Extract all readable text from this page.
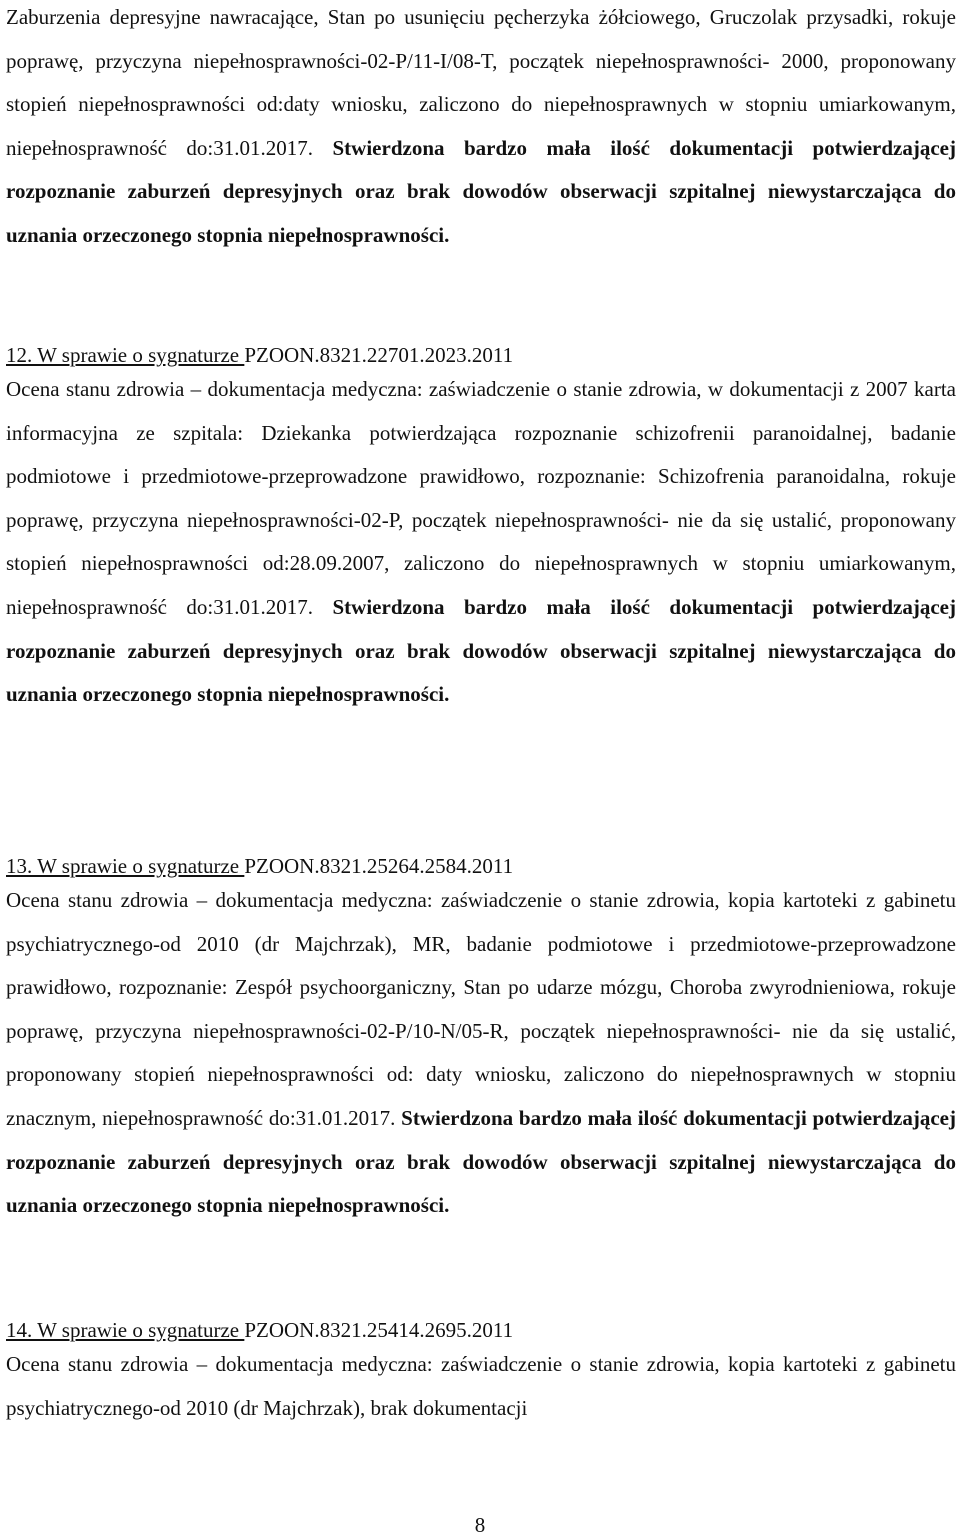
Zaburzenia depresyjne nawracające, Stan po usunięciu pęcherzyka żółciowego, Gruczolak przysadki, rokuje poprawę, przyczyna niepełnosprawności-02-P/11-I/08-T, początek niepełnosprawności- 2000, proponowany stopień niepełnosprawności od:daty wniosku, zaliczono do niepełnosprawnych w stopniu umiarkowanym, niepełnosprawność do:31.01.2017. Stwierdzona bardzo mała ilość dokumentacji potwierdzającej rozpoznanie zaburzeń depresyjnych oraz brak dowodów obserwacji szpitalnej niewystarczająca do uznania orzeczonego stopnia niepełnosprawności.

12. W sprawie o sygnaturze PZOON.8321.22701.2023.2011

Ocena stanu zdrowia – dokumentacja medyczna: zaświadczenie o stanie zdrowia, w dokumentacji z 2007 karta informacyjna ze szpitala: Dziekanka potwierdzająca rozpoznanie schizofrenii paranoidalnej, badanie podmiotowe i przedmiotowe-przeprowadzone prawidłowo, rozpoznanie: Schizofrenia paranoidalna, rokuje poprawę, przyczyna niepełnosprawności-02-P, początek niepełnosprawności- nie da się ustalić, proponowany stopień niepełnosprawności od:28.09.2007, zaliczono do niepełnosprawnych w stopniu umiarkowanym, niepełnosprawność do:31.01.2017. Stwierdzona bardzo mała ilość dokumentacji potwierdzającej rozpoznanie zaburzeń depresyjnych oraz brak dowodów obserwacji szpitalnej niewystarczająca do uznania orzeczonego stopnia niepełnosprawności.

13. W sprawie o sygnaturze PZOON.8321.25264.2584.2011

Ocena stanu zdrowia – dokumentacja medyczna: zaświadczenie o stanie zdrowia, kopia kartoteki z gabinetu psychiatrycznego-od 2010 (dr Majchrzak), MR, badanie podmiotowe i przedmiotowe-przeprowadzone prawidłowo, rozpoznanie: Zespół psychoorganiczny, Stan po udarze mózgu, Choroba zwyrodnieniowa, rokuje poprawę, przyczyna niepełnosprawności-02-P/10-N/05-R, początek niepełnosprawności- nie da się ustalić, proponowany stopień niepełnosprawności od: daty wniosku, zaliczono do niepełnosprawnych w stopniu znacznym, niepełnosprawność do:31.01.2017. Stwierdzona bardzo mała ilość dokumentacji potwierdzającej rozpoznanie zaburzeń depresyjnych oraz brak dowodów obserwacji szpitalnej niewystarczająca do uznania orzeczonego stopnia niepełnosprawności.

14. W sprawie o sygnaturze PZOON.8321.25414.2695.2011

Ocena stanu zdrowia – dokumentacja medyczna: zaświadczenie o stanie zdrowia, kopia kartoteki z gabinetu psychiatrycznego-od 2010 (dr Majchrzak), brak dokumentacji

8
